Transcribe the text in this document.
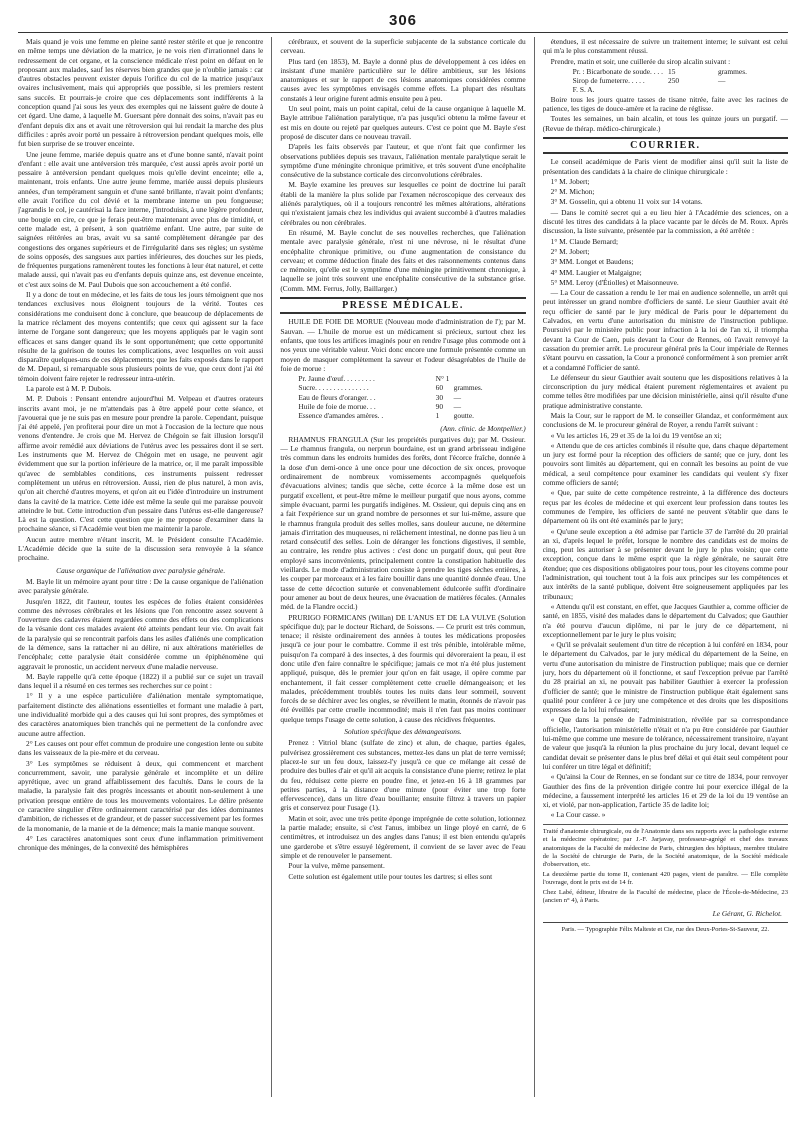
306

Mais quand je vois une femme en pleine santé rester stérile et que je rencontre en même temps une déviation de la matrice, je ne vois rien d'irrationnel dans le redressement de cet organe, et la conscience médicale n'est point en défaut en le proposant aux malades, sauf les réserves bien grandes que je n'oublie jamais : car d'autres obstacles peuvent exister depuis l'orifice du col de la matrice jusqu'aux ovaires inclusivement, mais qui appropriés que possible, si les premiers restent sans succès. Et pourrais-je croire que ces déplacements sont indifférents à la conception quand j'ai sous les yeux des exemples qui ne laissent guère de doute à cet égard. Une dame, à laquelle M. Guersant père donnait des soins, n'avait pas eu d'enfant depuis dix ans et avait une rétroversion qui lui rendait la marche des plus difficiles : après avoir porté un pessaire à rétroversion pendant quelques mois, elle fut bien surprise de se trouver enceinte.

Une jeune femme, mariée depuis quatre ans et d'une bonne santé, n'avait point d'enfant : elle avait une antéversion très marquée, c'est aussi après avoir porté un pessaire à antéversion pendant quelques mois qu'elle devint enceinte; elle a, maintenant, trois enfants. Une autre jeune femme, mariée aussi depuis plusieurs années, d'un tempérament sanguin et d'une santé brillante, n'avait point d'enfants; elle avait l'orifice du col dévié et la membrane interne un peu fongueuse; j'agrandis le col, je cautérisai la face interne, j'introduisis, à une légère profondeur, une bougie en cire, ce que je ferais peut-être maintenant avec plus de timidité, et cette malade est, à présent, à son quatrième enfant. Une autre, par suite de saignées réitérées au bras, avait vu sa santé complètement dérangée par des congestions des organes supérieurs et de l'irrégularité dans ses règles; un système de soins opposés, des sangsues aux parties inférieures, des douches sur les pieds, de fréquentes purgations ramenèrent toutes les fonctions à leur état naturel, et cette malade aussi, qui n'avait pas eu d'enfants depuis quinze ans, est devenue enceinte, et c'est aux soins de M. Paul Dubois que son accouchement a été confié.

Il y a donc de tout en médecine, et les faits de tous les jours témoignent que nos tendances exclusives nous éloignent toujours de la vérité. Toutes ces considérations me conduisent donc à conclure, que beaucoup de déplacements de la matrice réclament des moyens contentifs; que ceux qui agissent sur la face interne de l'organe sont dangereux; que les moyens appliqués par le vagin sont efficaces et sans danger quand ils le sont opportunément; que cette opportunité résulte de la guérison de toutes les complications, avec lesquelles on voit aussi disparaître quelques-uns de ces déplacements; que les faits exposés dans le rapport de M. Depaul, si remarquable sous plusieurs points de vue, que ceux dont j'ai été témoin doivent faire rejeter le redresseur intra-utérin.

La parole est à M. P. Dubois.

M. P. Dubois : Pensant entendre aujourd'hui M. Velpeau et d'autres orateurs inscrits avant moi, je ne m'attendais pas à être appelé pour cette séance, et j'avouerai que je ne suis pas en mesure pour prendre la parole. Cependant, puisque j'ai été appelé, j'en profiterai pour dire un mot à l'occasion de la lecture que nous venons d'entendre. Je crois que M. Hervez de Chégoin se fait illusion lorsqu'il affirme avoir remédié aux déviations de l'utérus avec les pessaires dont il se sert. Les instruments que M. Hervez de Chégoin met en usage, ne peuvent agir évidemment que sur la portion inférieure de la matrice, or, il me paraît impossible qu'avec de semblables conditions, ces instruments puissent redresser complètement un utérus en rétroversion. Aussi, rien de plus naturel, à mon avis, qu'on ait cherché d'autres moyens, et qu'on ait eu l'idée d'introduire un instrument dans la cavité de la matrice. Cette idée est même la seule qui me paraisse pouvoir atteindre le but. Cette introduction d'un pessaire dans l'utérus est-elle dangereuse? Là est la question. C'est cette question que je me propose d'examiner dans la prochaine séance, si l'Académie veut bien me maintenir la parole.

Aucun autre membre n'étant inscrit, M. le Président consulte l'Académie. L'Académie décide que la suite de la discussion sera renvoyée à la séance prochaine.

Cause organique de l'aliénation avec paralysie générale.

M. Bayle lit un mémoire ayant pour titre : De la cause organique de l'aliénation avec paralysie générale.

Jusqu'en 1822, dit l'auteur, toutes les espèces de folies étaient considérées comme des névroses cérébrales et les lésions que l'on rencontre assez souvent à l'ouverture des cadavres étaient regardées comme des effets ou des complications de la vésanie dont ces malades avaient été atteints pendant leur vie. On avait fait de la paralysie qui se rencontrait parfois dans les asiles d'aliénés une complication de la démence, sans la rattacher ni au délire, ni aux altérations matérielles de l'encéphale; cette paralysie était considérée comme un épiphénomène qui aggravait le pronostic, un accident nerveux d'une maladie nerveuse.

M. Bayle rappelle qu'à cette époque (1822) il a publié sur ce sujet un travail dans lequel il a résumé en ces termes ses recherches sur ce point :

1° Il y a une espèce particulière d'aliénation mentale symptomatique, parfaitement distincte des aliénations essentielles et formant une maladie à part, une individualité morbide qui a des causes qui lui sont propres, des symptômes et des caractères anatomiques bien tranchés qui ne permettent de la confondre avec aucune autre affection.

2° Les causes ont pour effet commun de produire une congestion lente ou subite dans les vaisseaux de la pie-mère et du cerveau.

3° Les symptômes se réduisent à deux, qui commencent et marchent concurremment, savoir, une paralysie générale et incomplète et un délire apyrétique, avec un grand affaiblissement des facultés. Dans le cours de la maladie, la paralysie fait des progrès incessants et aboutit non-seulement à une privation presque entière de tous les mouvements volontaires. Le délire présente ce caractère singulier d'être ordinairement caractérisé par des idées dominantes d'ambition, de richesses et de grandeur, et de passer successivement par les formes de la monomanie, de la manie et de la démence; mais la manie manque souvent.

4° Les caractères anatomiques sont ceux d'une inflammation primitivement chronique des méninges, de la convexité des hémisphères

cérébraux, et souvent de la superficie subjacente de la substance corticale du cerveau.

Plus tard (en 1853), M. Bayle a donné plus de développement à ces idées en insistant d'une manière particulière sur le délire ambitieux, sur les lésions anatomiques et sur le rapport de ces lésions anatomiques considérées comme causes avec les symptômes envisagés comme effets. La plupart des résultats constatés à leur origine furent admis ensuite peu à peu.

Un seul point, mais un point capital, celui de la cause organique à laquelle M. Bayle attribue l'aliénation paralytique, n'a pas jusqu'ici obtenu la même faveur et est mis en doute ou rejeté par quelques auteurs. C'est ce point que M. Bayle s'est proposé de discuter dans ce nouveau travail.

D'après les faits observés par l'auteur, et que n'ont fait que confirmer les observations publiées depuis ses travaux, l'aliénation mentale paralytique serait le symptôme d'une méningite chronique primitive, et très souvent d'une encéphalite consécutive de la substance corticale des circonvolutions cérébrales.

M. Bayle examine les preuves sur lesquelles ce point de doctrine lui paraît établi de la manière la plus solide par l'examen nécroscopique des cerveaux des aliénés paralytiques, où il a toujours rencontré les mêmes altérations, altérations qui n'existaient jamais chez les individus qui avaient succombé à d'autres maladies cérébrales ou non cérébrales.

En résumé, M. Bayle conclut de ses nouvelles recherches, que l'aliénation mentale avec paralysie générale, n'est ni une névrose, ni le résultat d'une encéphalite chronique primitive, ou d'une augmentation de consistance du cerveau; et comme déduction finale des faits et des raisonnements contenus dans ce mémoire, qu'elle est le symptôme d'une méningite primitivement chronique, à laquelle se joint très souvent une encéphalite consécutive de la substance grise. (Comm. MM. Ferrus, Jolly, Baillarger.)

PRESSE MÉDICALE.

HUILE DE FOIE DE MORUE (Nouveau mode d'administration de l'); par M. Sauvan. — L'huile de morue est un médicament si précieux, surtout chez les enfants, que tous les artifices imaginés pour en rendre l'usage plus commode ont à nos yeux une véritable valeur. Voici donc encore une formule présentée comme un moyen de masquer complètement la saveur et l'odeur désagréables de l'huile de foie de morue :

Pr. Jaune d'œuf. . . . . . . . .	N° 1
Sucre. . . . . . . . . . . . . . .	60	grammes.
Eau de fleurs d'oranger. . .	30	—
Huile de foie de morue. . .	90	—
Essence d'amandes amères. .	1	goutte.
(Ann. clinic. de Montpellier.)

RHAMNUS FRANGULA (Sur les propriétés purgatives du); par M. Ossieur. — Le rhamnus frangula, ou nerprun bourdaine, est un grand arbrisseau indigène très commun dans les endroits humides des forêts, dont l'écorce fraîche, donnée à la dose d'un demi-once à une once pour une décoction de six onces, provoque ordinairement de nombreux vomissements accompagnés quelquefois d'évacuations alvines; tandis que sèche, cette écorce à la même dose est un purgatif excellent, et peut-être même le meilleur purgatif que nous ayons, comme simple évacuant, parmi les purgatifs indigènes. M. Ossieur, qui depuis cinq ans en a fait l'expérience sur un grand nombre de personnes et sur lui-même, assure que le rhamnus frangula produit des selles molles, sans douleur aucune, ne détermine jamais d'irritation des muqueuses, ni relâchement intestinal, ne donne pas lieu à un retard consécutif des selles. Loin de déranger les fonctions digestives, il semble, au contraire, les rendre plus actives : c'est donc un purgatif doux, qui peut être employé sans inconvénients, principalement contre la constipation habituelle des vieillards. Le mode d'administration consiste à prendre les tiges sèches entières, à les couper par morceaux et à les faire bouillir dans une quantité donnée d'eau. Une tasse de cette décoction suturée et convenablement édulcorée suffit d'ordinaire pour amener au bout de deux heures, une évacuation de matières fécales. (Annales méd. de la Flandre occid.)

PRURIGO FORMICANS (Willan) DE L'ANUS ET DE LA VULVE (Solution spécifique du); par le docteur Richard, de Soissons. — Ce prurit est très commun, tenace; il résiste ordinairement des années à toutes les médications proposées jusqu'à ce jour pour le combattre. Comme il est très pénible, intolérable même, puisqu'on l'a comparé à des insectes, à des fourmis qui dévoreraient la peau, il est donc utile d'en faire connaître le spécifique; jamais ce mot n'a été plus justement appliqué, puisque, dès le premier jour qu'on en fait usage, il opère comme par enchantement, il fait cesser complètement cette cruelle démangeaison; et les malades, précédemment troublés toutes les nuits dans leur sommeil, souvent forcés de se déchirer avec les ongles, se réveillent le matin, étonnés de n'avoir pas été éveillés par cette cruelle incommodité; mais il n'en faut pas moins continuer quelque temps l'usage de cette solution, à cause des récidives fréquentes.

Solution spécifique des démangeaisons.

Prenez : Vitriol blanc (sulfate de zinc) et alun, de chaque, parties égales, pulvérisez grossièrement ces substances, mettez-les dans un plat de terre vernissé; placez-le sur un feu doux, laissez-l'y jusqu'à ce que ce mélange ait cessé de produire des bulles d'air et qu'il ait acquis la consistance d'une pierre; retirez le plat du feu, réduisez cette pierre en poudre fine, et jetez-en 16 à 18 grammes par petites parties, à la distance d'une minute (pour éviter une trop forte effervescence), dans un litre d'eau bouillante; ensuite filtrez à travers un papier gris et conservez pour l'usage (1).

Matin et soir, avec une très petite éponge imprégnée de cette solution, lotionnez la partie malade; ensuite, si c'est l'anus, imbibez un linge ployé en carré, de 6 centimètres, et introduisez un des angles dans l'anus; il est bien entendu qu'après une garderobe et s'être essuyé légèrement, il convient de se laver avec de l'eau simple et de renouveler le pansement.

Pour la vulve, même pansement.

Cette solution est également utile pour toutes les dartres; si elles sont

étendues, il est nécessaire de suivre un traitement interne; le suivant est celui qui m'a le plus constamment réussi.

Prendre, matin et soir, une cuillerée du sirop alcalin suivant :

Pr. : Bicarbonate de soude. . . . 15	grammes.
Sirop de fumeterre. . . . .	250	—
F. S. A.

Boire tous les jours quatre tasses de tisane nitrée, faite avec les racines de patience, les tiges de douce-amère et la racine de réglisse.

Toutes les semaines, un bain alcalin, et tous les quinze jours un purgatif. — (Revue de thérap. médico-chirurgicale.)

COURRIER.

Le conseil académique de Paris vient de modifier ainsi qu'il suit la liste de présentation des candidats à la chaire de clinique chirurgicale :

1° M. Jobert;

2° M. Michon;

3° M. Gosselin, qui a obtenu 11 voix sur 14 votans.

— Dans le comité secret qui a eu lieu hier à l'Académie des sciences, on a discuté les titres des candidats à la place vacante par le décès de M. Roux. Après discussion, la liste suivante, présentée par la commission, a été arrêtée :

1° M. Claude Bernard;

2° M. Jobert;

3° MM. Longet et Baudens;

4° MM. Laugier et Malgaigne;

5° MM. Leroy (d'Étiolles) et Maisonneuve.

— La Cour de cassation a rendu le 1er mai en audience solennelle, un arrêt qui peut intéresser un grand nombre d'officiers de santé. Le sieur Gauthier avait été reçu officier de santé par le jury médical de Paris pour le département du Calvados, en vertu d'une autorisation du ministre de l'instruction publique. Poursuivi par le ministère public pour infraction à la loi de l'an xi, il triompha devant la Cour de Caen, puis devant la Cour de Rennes, où l'avait renvoyé la cassation du premier arrêt. Le procureur général près la Cour impériale de Rennes s'étant pourvu en cassation, la Cour a prononcé conformément à son premier arrêt et a condamné l'officier de santé.

Le défenseur du sieur Gauthier avait soutenu que les dispositions relatives à la circonscription du jury médical étaient purement réglementaires et avaient pu comme telles être modifiées par une décision ministérielle, ainsi qu'il résulte d'une pratique administrative constante.

Mais la Cour, sur le rapport de M. le conseiller Glandaz, et conformément aux conclusions de M. le procureur général de Royer, a rendu l'arrêt suivant :

« Vu les articles 16, 29 et 35 de la loi du 19 ventôse an xi;

« Attendu que de ces articles combinés il résulte que, dans chaque département un jury est formé pour la réception des officiers de santé; que ce jury, dont les pouvoirs sont limités au département, qui en connaît les besoins au point de vue médical, a seul compétence pour examiner les candidats qui veulent s'y fixer comme officiers de santé;

« Que, par suite de cette compétence restreinte, à la différence des docteurs reçus par les écoles de médecine et qui exercent leur profession dans toutes les communes de l'empire, les officiers de santé ne peuvent s'établir que dans le département où ils ont été examinés par le jury;

« Qu'une seule exception a été admise par l'article 37 de l'arrêté du 20 prairial an xi, d'après lequel le préfet, lorsque le nombre des candidats est de moins de cinq, peut les autoriser à se présenter devant le jury le plus voisin; que cette exception, conçue dans le même esprit que la règle générale, ne saurait être étendue; que ces dispositions obligatoires pour tous, pour les citoyens comme pour l'administration, qui touchent tout à la fois aux principes sur les compétences et aux intérêts de la santé publique, doivent être soigneusement appliquées par les tribunaux;

« Attendu qu'il est constant, en effet, que Jacques Gauthier a, comme officier de santé, en 1855, visité des malades dans le département du Calvados; que Gauthier n'a été pourvu d'aucun diplôme, ni par le jury de ce département, ni exceptionnellement par le jury le plus voisin;

« Qu'il se prévalait seulement d'un titre de réception à lui conféré en 1834, pour le département du Calvados, par le jury médical du département de la Seine, en vertu d'une autorisation du ministre de l'instruction publique; mais que ce dernier jury, hors du département où il fonctionne, et sauf l'exception prévue par l'arrêté du 28 prairial an xi, ne pouvait pas habiliter Gauthier à exercer la profession d'officier de santé; que le ministre de l'instruction publique était également sans qualité pour conférer à ce jury une compétence et des droits que les dispositions expresses de la loi lui refusaient;

« Que dans la pensée de l'administration, révélée par sa correspondance officielle, l'autorisation ministérielle n'était et n'a pu être considérée par Gauthier lui-même que comme une mesure de tolérance, nécessairement transitoire, n'ayant de valeur que jusqu'à la réunion la plus prochaine du jury local, devant lequel ce candidat devait se présenter dans le plus bref délai et qui était seul compétent pour lui conférer un titre légal et définitif;

« Qu'ainsi la Cour de Rennes, en se fondant sur ce titre de 1834, pour renvoyer Gauthier des fins de la prévention dirigée contre lui pour exercice illégal de la médecine, a faussement interprété les articles 16 et 29 de la loi du 19 ventôse an xi, et violé, par non-application, l'article 35 de ladite loi;

« La Cour casse. »

Traité d'anatomie chirurgicale, ou de l'Anatomie dans ses rapports avec la pathologie externe et la médecine opératoire; par J.-F. Jarjavay, professeur-agrégé et chef des travaux anatomiques de la Faculté de médecine de Paris, chirurgien des hôpitaux, membre titulaire de la Société de chirurgie de Paris, de la Société anatomique, de la Société médicale d'observation, etc.

La deuxième partie du tome II, contenant 420 pages, vient de paraître. — Elle complète l'ouvrage, dont le prix est de 14 fr.

Chez Labé, éditeur, libraire de la Faculté de médecine, place de l'École-de-Médecine, 23 (ancien n° 4), à Paris.

Le Gérant, G. Richelot.
Paris. — Typographie Félix Malteste et Cie, rue des Deux-Portes-St-Sauveur, 22.
